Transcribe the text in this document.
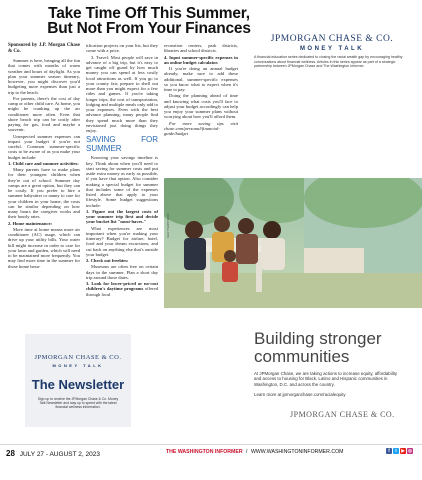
Take Time Off This Summer,
But Not From Your Finances

Sponsored by J.P. Morgan Chase & Co.

Summer is here, bringing all the fun that comes with months of warm weather and hours of daylight. As you plan your summer season itinerary, however, you might discover you'd budgeting more expenses than just a trip to the beach.

For parents, there's the cost of day camp or other child care. At home, you might be cranking up the air conditioner more often. Even that shore beach trip can be costly after paying for gas, food and maybe a souvenir.

Unexpected summer expenses can impact your budget if you're not careful. Common summer-specific costs to be aware of as you make your budget include:

1. Child care and summer activities:

Many parents have to make plans for their youngest children when they're out of school. Summer day camps are a great option, but they can be costly. If you prefer to hire a summer babysitter or nanny to care for your children in your home, the costs can be similar depending on how many hours the caregiver works and their hourly rates.

2. Home maintenance:

More time at home means more air conditioner (AC) usage, which can drive up your utility bills. Your water bill might increase in order to care for your lawn and garden, which will need to be maintained more frequently. You may find more time in the summer for those home beau-

tification projects on your list, but they come with a price.

3. Travel: Most people will save in advance of a big trip, but it's easy to get caught off guard by how much money you can spend at less costly local attractions as well. If you go to your county fair, prepare to shell out more than you might expect for a few rides and games. If you're taking longer trips, the cost of transportation, lodging and multiple meals only add to your expenses. Even with the best advance planning, many people find they spend much more than they envisioned just doing things they enjoy.

SAVING FOR SUMMER

Knowing your savings timeline is key. Think about when you'll need to start saving for summer costs and put aside extra money as early as possible, if you have that option. Also consider making a special budget for summer that includes some of the expenses listed above that apply to your lifestyle. Some budget suggestions include:

1. Figure out the largest costs of your summer trip first and decide your bucket list "must-haves."

What experiences are most important when you're making your itinerary? Budget for airfare, hotel, food and your dream excursions, and cut back on anything else that's outside your budget.

2. Check out freebies:

Museums are often free on certain days in the summer. Plan a short day trip around those dates.

3. Look for lower-priced or no-cost children's daytime programs offered through local

recreation centers, park districts, libraries and school districts.

4. Input summer-specific expenses in an online budget calculator.

If you're doing an annual budget already, make sure to add these additional, summer-specific expenses so you know what to expect when it's time to pay.

Doing the planning ahead of time and knowing what costs you'll face to adjust your budget accordingly can help you enjoy your summer plans without worrying about how you'll afford them.

For more saving tips visit chase.com/personal/financial-guide/budget

JPMORGAN CHASE & CO.
MONEY TALK
A financial education series dedicated to closing the racial wealth gap by encouraging healthy conversations about financial wellness. Articles in this series appear as part of a strategic partnership between JPMorgan Chase and The Washington Informer.
SHUTTERSTOCK
Building stronger communities
At JPMorgan Chase, we are taking actions to increase equity, affordability and access to housing for Black, Latino and Hispanic communities in Washington, D.C. and across the country.
Learn more at jpmorganchase.com/racialequity
JPMORGAN CHASE & CO.
JPMORGAN CHASE & CO.
MONEY TALK
The Newsletter
Sign up to receive the JPMorgan Chase & Co. Money Talk Newsletter and stay up to speed with the latest financial wellness information.
28 JULY 27 - AUGUST 2, 2023	THE WASHINGTON INFORMER / WWW.WASHINGTONINFORMER.COM	f	t	▶ ◎
